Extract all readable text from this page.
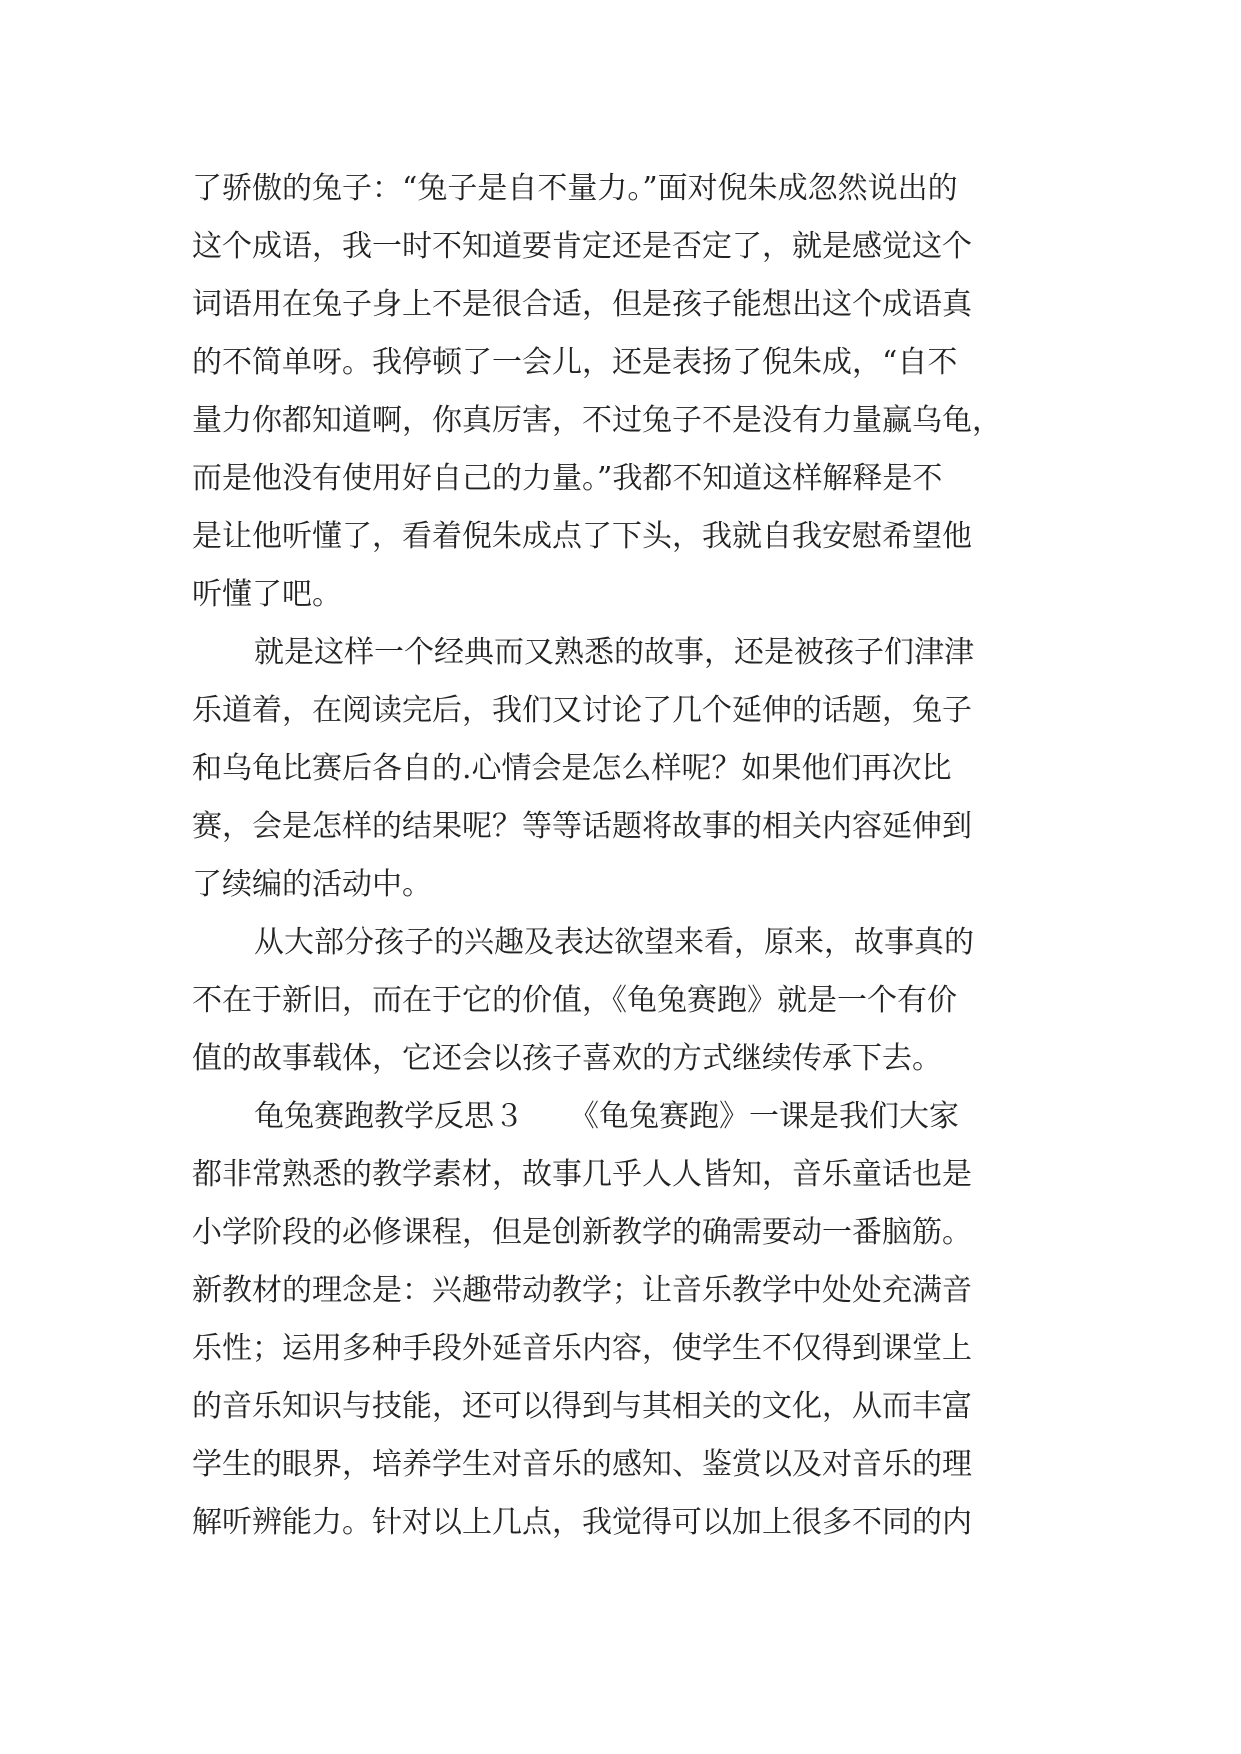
了骄傲的兔子：“兔子是自不量力。”面对倪朱成忽然说出的
这个成语，我一时不知道要肯定还是否定了，就是感觉这个
词语用在兔子身上不是很合适，但是孩子能想出这个成语真
的不简单呀。我停顿了一会儿，还是表扬了倪朱成，“自不
量力你都知道啊，你真厉害，不过兔子不是没有力量赢乌龟，
而是他没有使用好自己的力量。”我都不知道这样解释是不
是让他听懂了，看着倪朱成点了下头，我就自我安慰希望他
听懂了吧。
就是这样一个经典而又熟悉的故事，还是被孩子们津津
乐道着，在阅读完后，我们又讨论了几个延伸的话题，兔子
和乌龟比赛后各自的.心情会是怎么样呢？如果他们再次比
赛，会是怎样的结果呢？等等话题将故事的相关内容延伸到
了续编的活动中。
从大部分孩子的兴趣及表达欲望来看，原来，故事真的
不在于新旧，而在于它的价值，《龟兔赛跑》就是一个有价
值的故事载体，它还会以孩子喜欢的方式继续传承下去。
龟兔赛跑教学反思３　　《龟兔赛跑》一课是我们大家
都非常熟悉的教学素材，故事几乎人人皆知，音乐童话也是
小学阶段的必修课程，但是创新教学的确需要动一番脑筋。
新教材的理念是：兴趣带动教学；让音乐教学中处处充满音
乐性；运用多种手段外延音乐内容，使学生不仅得到课堂上
的音乐知识与技能，还可以得到与其相关的文化，从而丰富
学生的眼界，培养学生对音乐的感知、鉴赏以及对音乐的理
解听辨能力。针对以上几点，我觉得可以加上很多不同的内
